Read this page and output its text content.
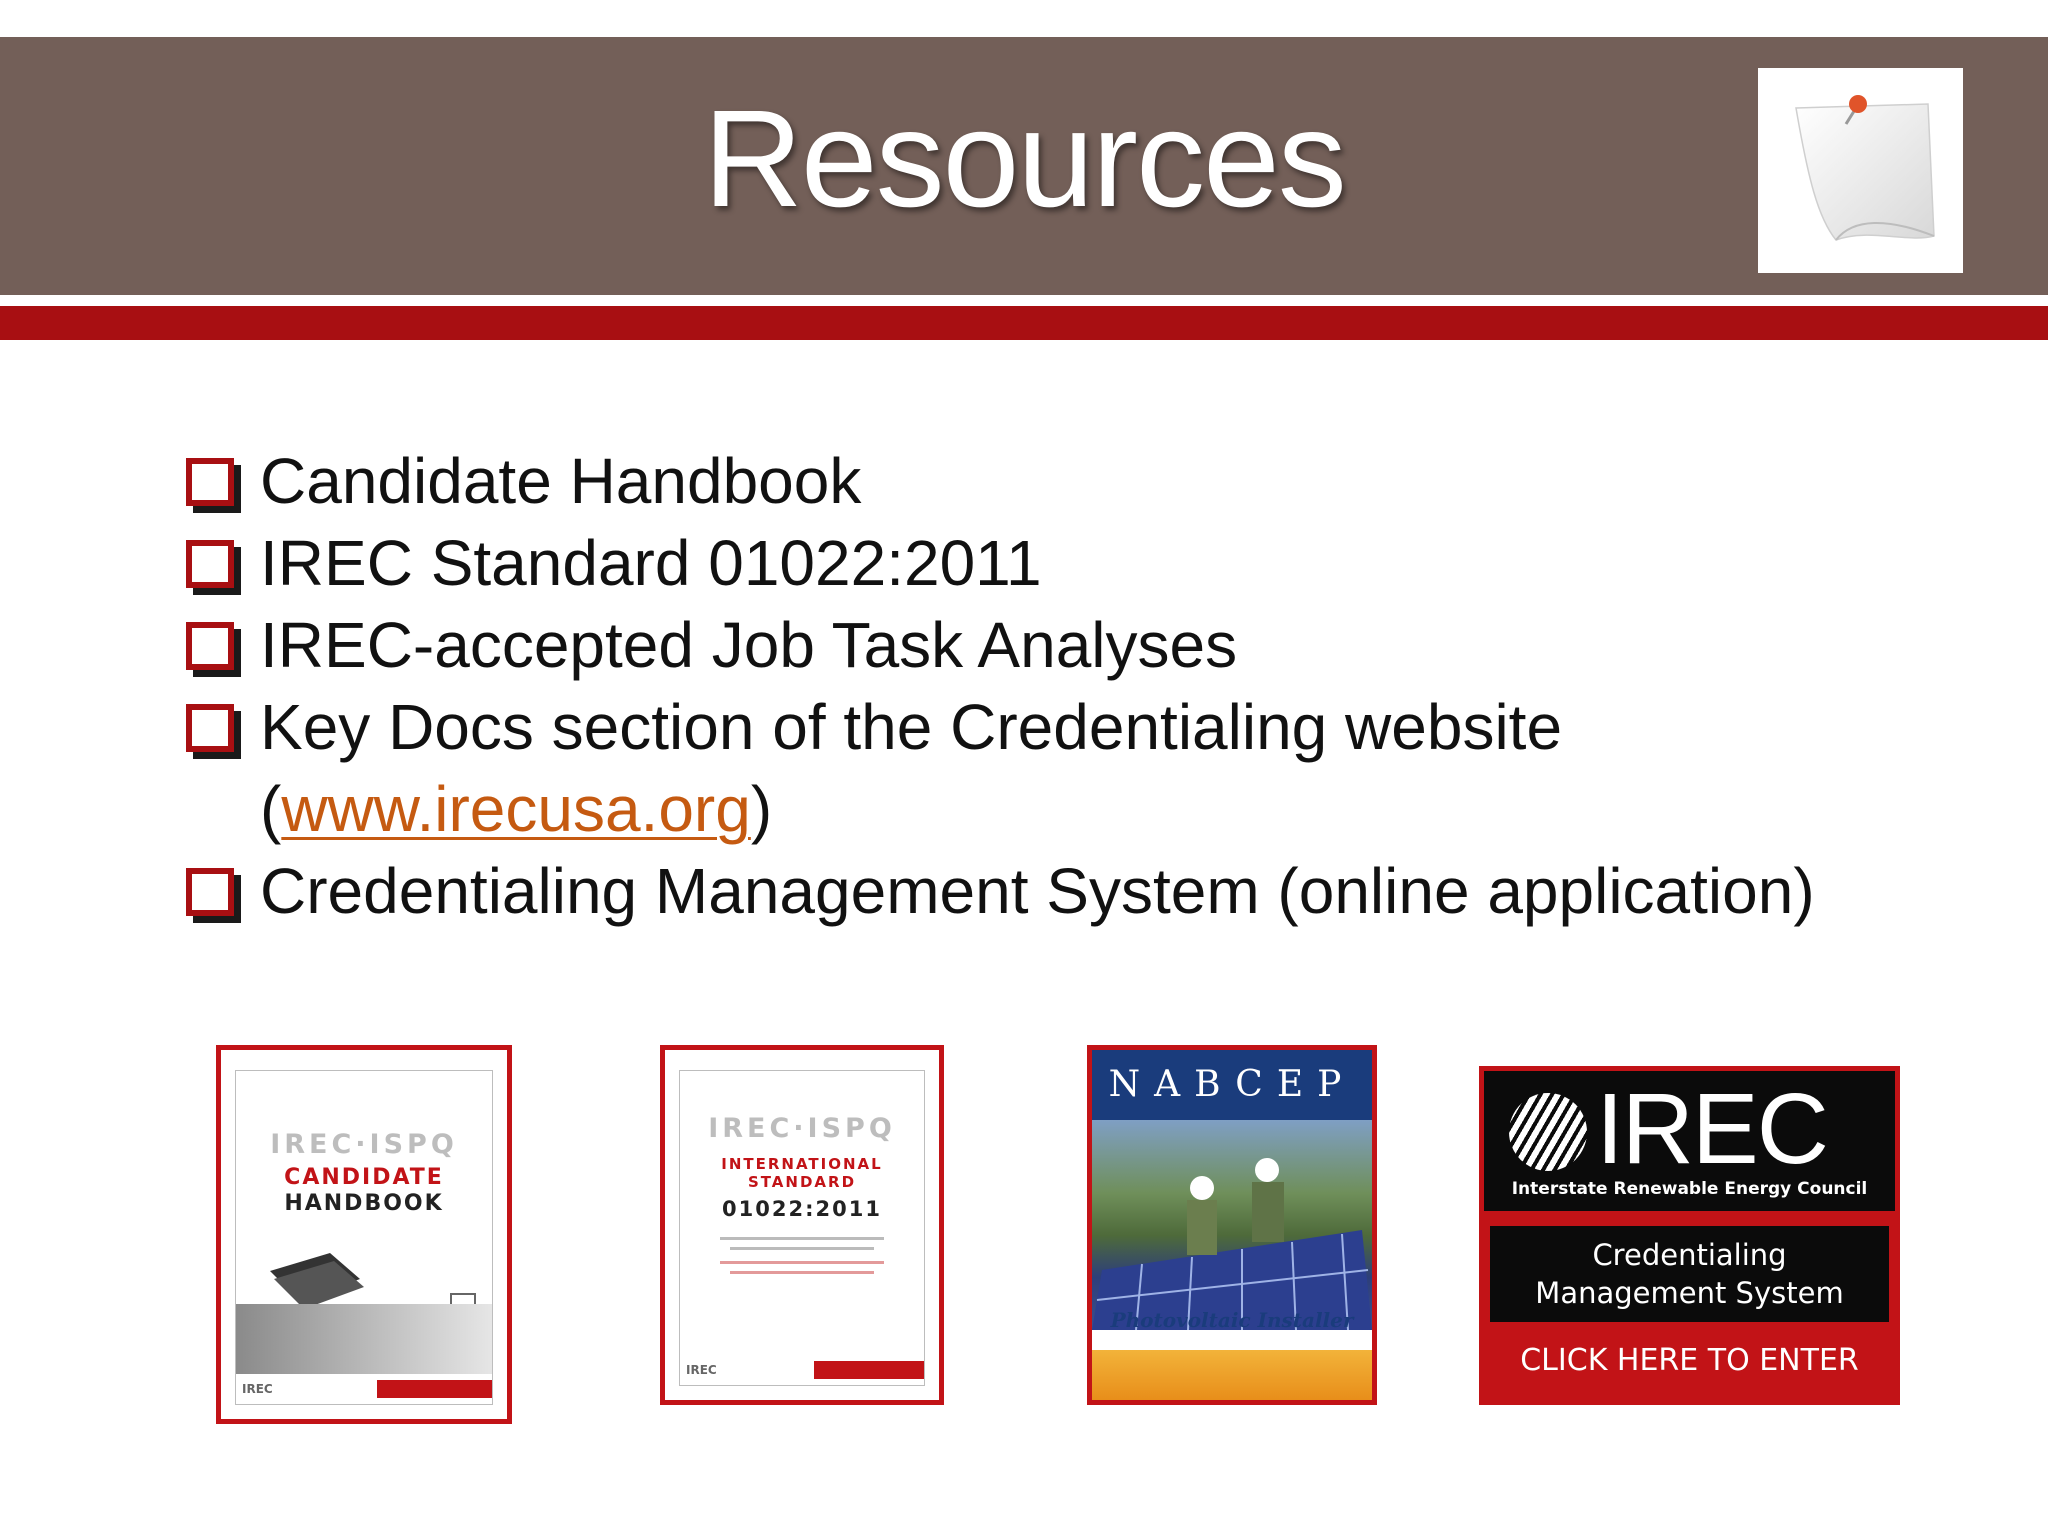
Resources
Candidate Handbook
IREC Standard 01022:2011
IREC-accepted Job Task Analyses
Key Docs section of the Credentialing website
(www.irecusa.org)
Credentialing Management System (online application)
IREC·ISPQ
CANDIDATE
HANDBOOK
IREC
IREC·ISPQ
INTERNATIONAL
STANDARD
01022:2011
IREC
NABCEP
Photovoltaic Installer
IREC
Interstate Renewable Energy Council
Credentialing
Management System
CLICK HERE TO ENTER
